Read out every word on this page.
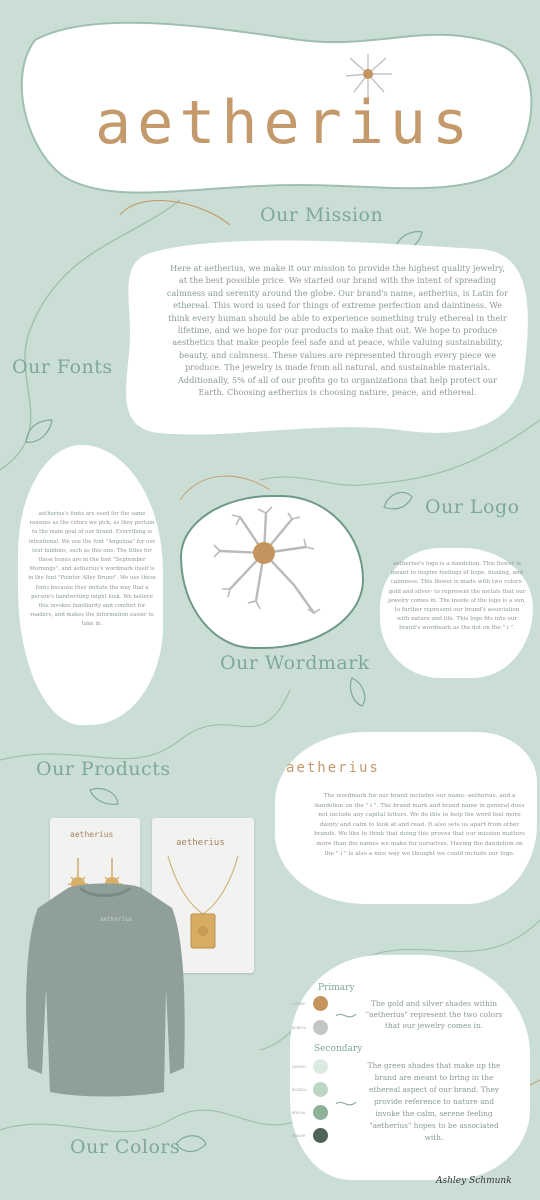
aetherius
Our Mission
Here at aetherius, we make it our mission to provide the highest quality jewelry, at the best possible price. We started our brand with the intent of spreading calmness and serenity around the globe. Our brand's name, aetherius, is Latin for ethereal. This word is used for things of extreme perfection and daintiness. We think every human should be able to experience something truly ethereal in their lifetime, and we hope for our products to make that out. We hope to produce aesthetics that make people feel safe and at peace, while valuing sustainability, beauty, and calmness. These values are represented through every piece we produce. The jewelry is made from all natural, and sustainable materials. Additionally, 5% of all of our profits go to organizations that help protect our Earth. Choosing aetherius is choosing nature, peace, and ethereal.
Our Fonts
aetherius's fonts are used for the same reasons as the colors we pick, as they pertain to the main goal of our brand. Everything is intentional. We use the font "Angelina" for our text bubbles, such as this one. The titles for these boxes are in the font "September Mornings", and aetherius's wordmark itself is in the font "Pointer Alley Bruno". We use these fonts because they imitate the way that a person's handwriting might look. We believe this invokes familiarity and comfort for readers, and makes the information easier to take in.
Our Logo
aetherius's logo is a dandelion. This flower is meant to inspire feelings of hope, healing, and calmness. This flower is made with two colors- gold and silver- to represent the metals that our jewelry comes in. The inside of the logo is a sun, to further represent our brand's association with nature and life. This logo fits into our brand's wordmark as the dot on the " i ".
Our Wordmark
aetherius
The wordmark for our brand includes our name- aetherius, and a dandelion on the " i ". The brand mark and brand name in general does not include any capital letters. We do this to help the word feel more dainty and calm to look at and read. It also sets us apart from other brands. We like to think that doing this proves that our mission matters more than the names we make for ourselves. Having the dandelion on the " i " is also a nice way we thought we could include our logo.
Our Products
aetherius
aetherius
aetherius
Our Colors
Primary
C4945F
BCBEC0
The gold and silver shades within "aetherius" represent the two colors that our jewelry comes in.
Secondary
DCEBE1
BCD8C4
8FB19A
4F6459
The green shades that make up the brand are meant to bring in the ethereal aspect of our brand. They provide reference to nature and invoke the calm, serene feeling "aetherius" hopes to be associated with.
Ashley Schmunk
